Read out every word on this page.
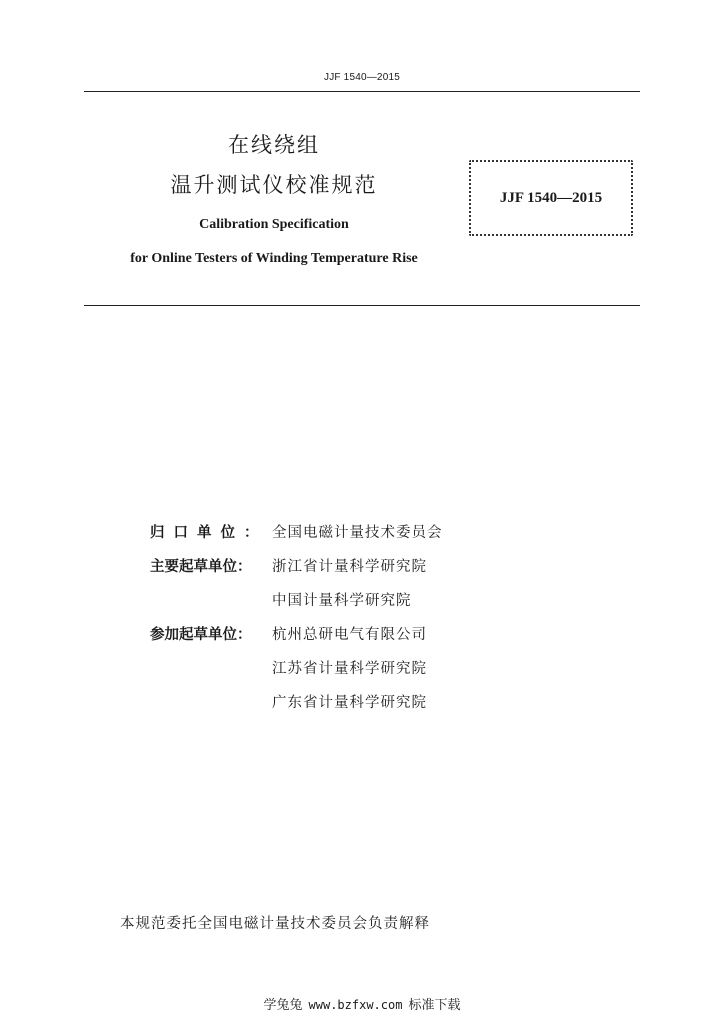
JJF 1540—2015
在线绕组
温升测试仪校准规范

Calibration Specification

for Online Testers of Winding Temperature Rise

JJF 1540—2015
归口单位： 全国电磁计量技术委员会
主要起草单位：	浙江省计量科学研究院
中国计量科学研究院
参加起草单位：	杭州总研电气有限公司
江苏省计量科学研究院
广东省计量科学研究院
本规范委托全国电磁计量技术委员会负责解释
学兔兔 www.bzfxw.com 标准下载
